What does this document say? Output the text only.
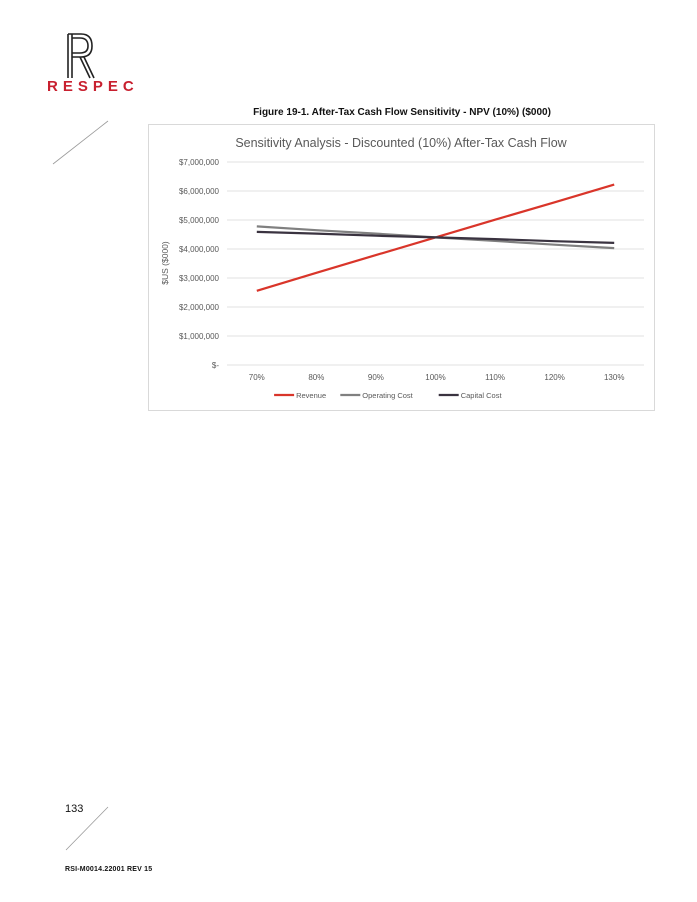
RESPEC
Figure 19-1. After-Tax Cash Flow Sensitivity - NPV (10%) ($000)
Sensitivity Analysis - Discounted (10%) After-Tax Cash Flow
$-
$1,000,000
$2,000,000
$3,000,000
$4,000,000
$5,000,000
$6,000,000
$7,000,000
70%	80%	90%	100%	110%	120%	130%
$US ($000)
Revenue	Operating Cost	Capital Cost
133
RSI-M0014.22001 REV 15
